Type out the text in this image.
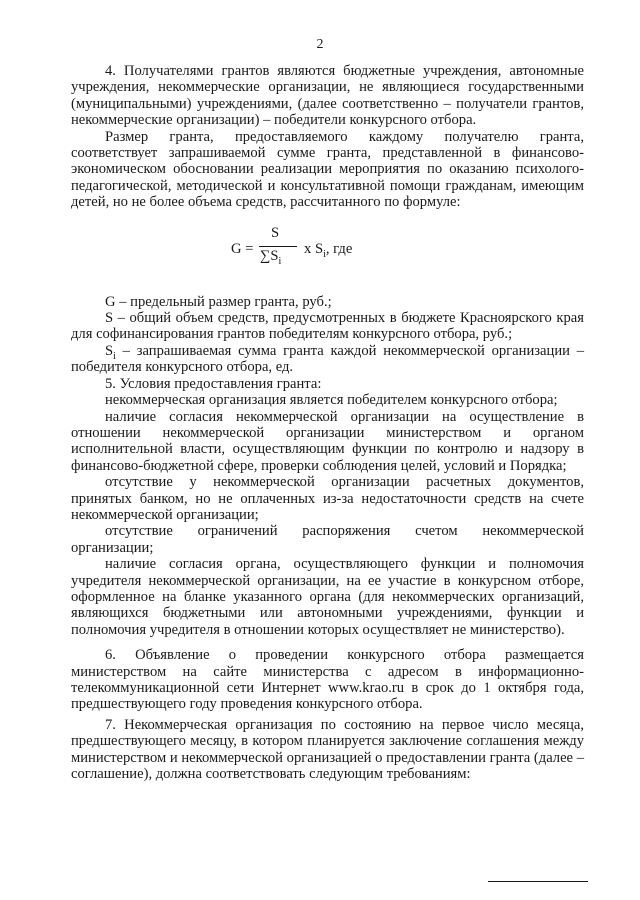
2

4. Получателями грантов являются бюджетные учреждения, автономные учреждения, некоммерческие организации, не являющиеся государственными (муниципальными) учреждениями, (далее соответственно – получатели грантов, некоммерческие организации) – победители конкурсного отбора.

Размер гранта, предоставляемого каждому получателю гранта, соответствует запрашиваемой сумме гранта, представленной в финансово-экономическом обосновании реализации мероприятия по оказанию психолого-педагогической, методической и консультативной помощи гражданам, имеющим детей, но не более объема средств, рассчитанного по формуле:

G =
S
$\sum S_i$
x $S_i$, где

G – предельный размер гранта, руб.;

S – общий объем средств, предусмотренных в бюджете Красноярского края для софинансирования грантов победителям конкурсного отбора, руб.;

$S_i$ – запрашиваемая сумма гранта каждой некоммерческой организации – победителя конкурсного отбора, ед.

5. Условия предоставления гранта:

некоммерческая организация является победителем конкурсного отбора;

наличие согласия некоммерческой организации на осуществление в отношении некоммерческой организации министерством и органом исполнительной власти, осуществляющим функции по контролю и надзору в финансово-бюджетной сфере, проверки соблюдения целей, условий и Порядка;

отсутствие у некоммерческой организации расчетных документов, принятых банком, но не оплаченных из-за недостаточности средств на счете некоммерческой организации;

отсутствие ограничений распоряжения счетом некоммерческой организации;

наличие согласия органа, осуществляющего функции и полномочия учредителя некоммерческой организации, на ее участие в конкурсном отборе, оформленное на бланке указанного органа (для некоммерческих организаций, являющихся бюджетными или автономными учреждениями, функции и полномочия учредителя в отношении которых осуществляет не министерство).

6. Объявление о проведении конкурсного отбора размещается министерством на сайте министерства с адресом в информационно-телекоммуникационной сети Интернет www.krao.ru в срок до 1 октября года, предшествующего году проведения конкурсного отбора.

7. Некоммерческая организация по состоянию на первое число месяца, предшествующего месяцу, в котором планируется заключение соглашения между министерством и некоммерческой организацией о предоставлении гранта (далее – соглашение), должна соответствовать следующим требованиям:
